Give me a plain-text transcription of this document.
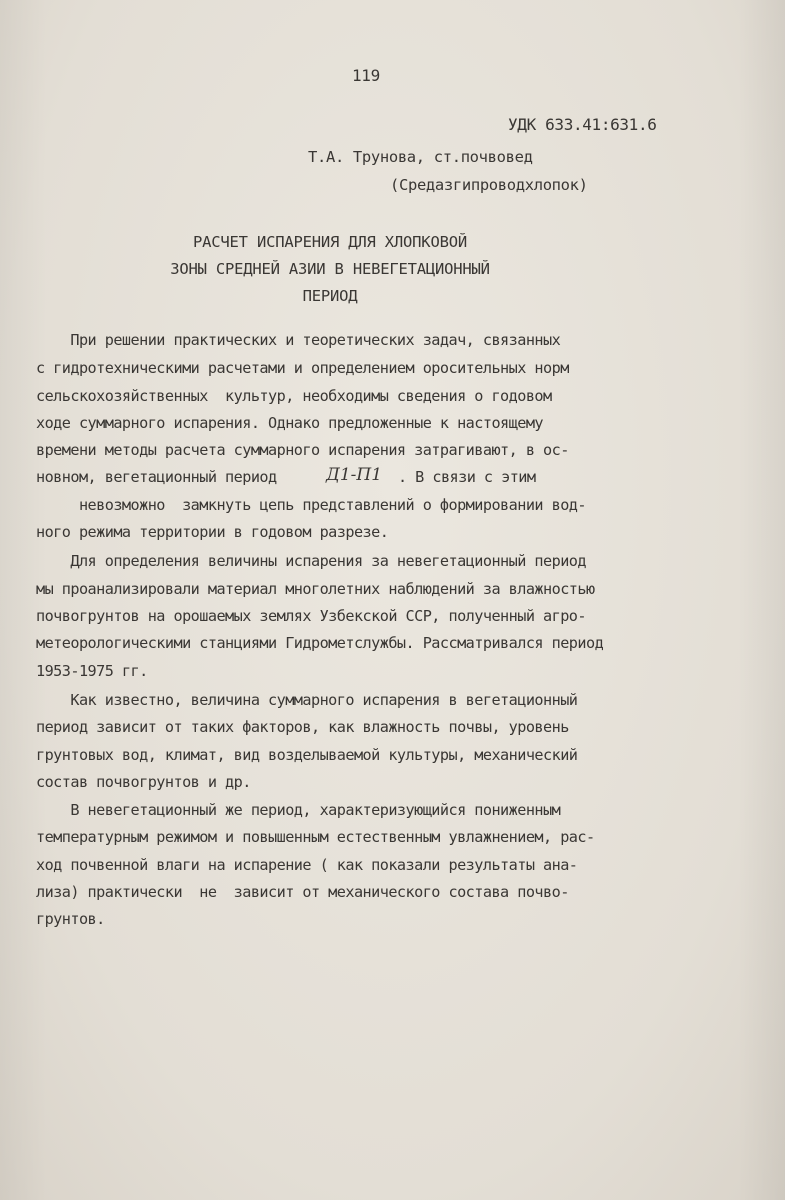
119
УДК 633.41:631.6
Т.А. Трунова, ст.почвовед
(Средазгипроводхлопок)
РАСЧЕТ ИСПАРЕНИЯ ДЛЯ ХЛОПКОВОЙ
ЗОНЫ СРЕДНЕЙ АЗИИ В НЕВЕГЕТАЦИОННЫЙ
ПЕРИОД
При решении практических и теоретических задач, связанных
с гидротехническими расчетами и определением оросительных норм
сельскохозяйственных  культур, необходимы сведения о годовом
ходе суммарного испарения. Однако предложенные к настоящему
времени методы расчета суммарного испарения затрагивают, в ос-
новном, вегетационный период	Д1-П1 . В связи с этим
невозможно  замкнуть цепь представлений о формировании вод-
ного режима территории в годовом разрезе.
Для определения величины испарения за невегетационный период
мы проанализировали материал многолетних наблюдений за влажностью
почвогрунтов на орошаемых землях Узбекской ССР, полученный агро-
метеорологическими станциями Гидрометслужбы. Рассматривался период
1953-1975 гг.
Как известно, величина суммарного испарения в вегетационный
период зависит от таких факторов, как влажность почвы, уровень
грунтовых вод, климат, вид возделываемой культуры, механический
состав почвогрунтов и др.
В невегетационный же период, характеризующийся пониженным
температурным режимом и повышенным естественным увлажнением, рас-
ход почвенной влаги на испарение ( как показали результаты ана-
лиза) практически  не  зависит от механического состава почво-
грунтов.
